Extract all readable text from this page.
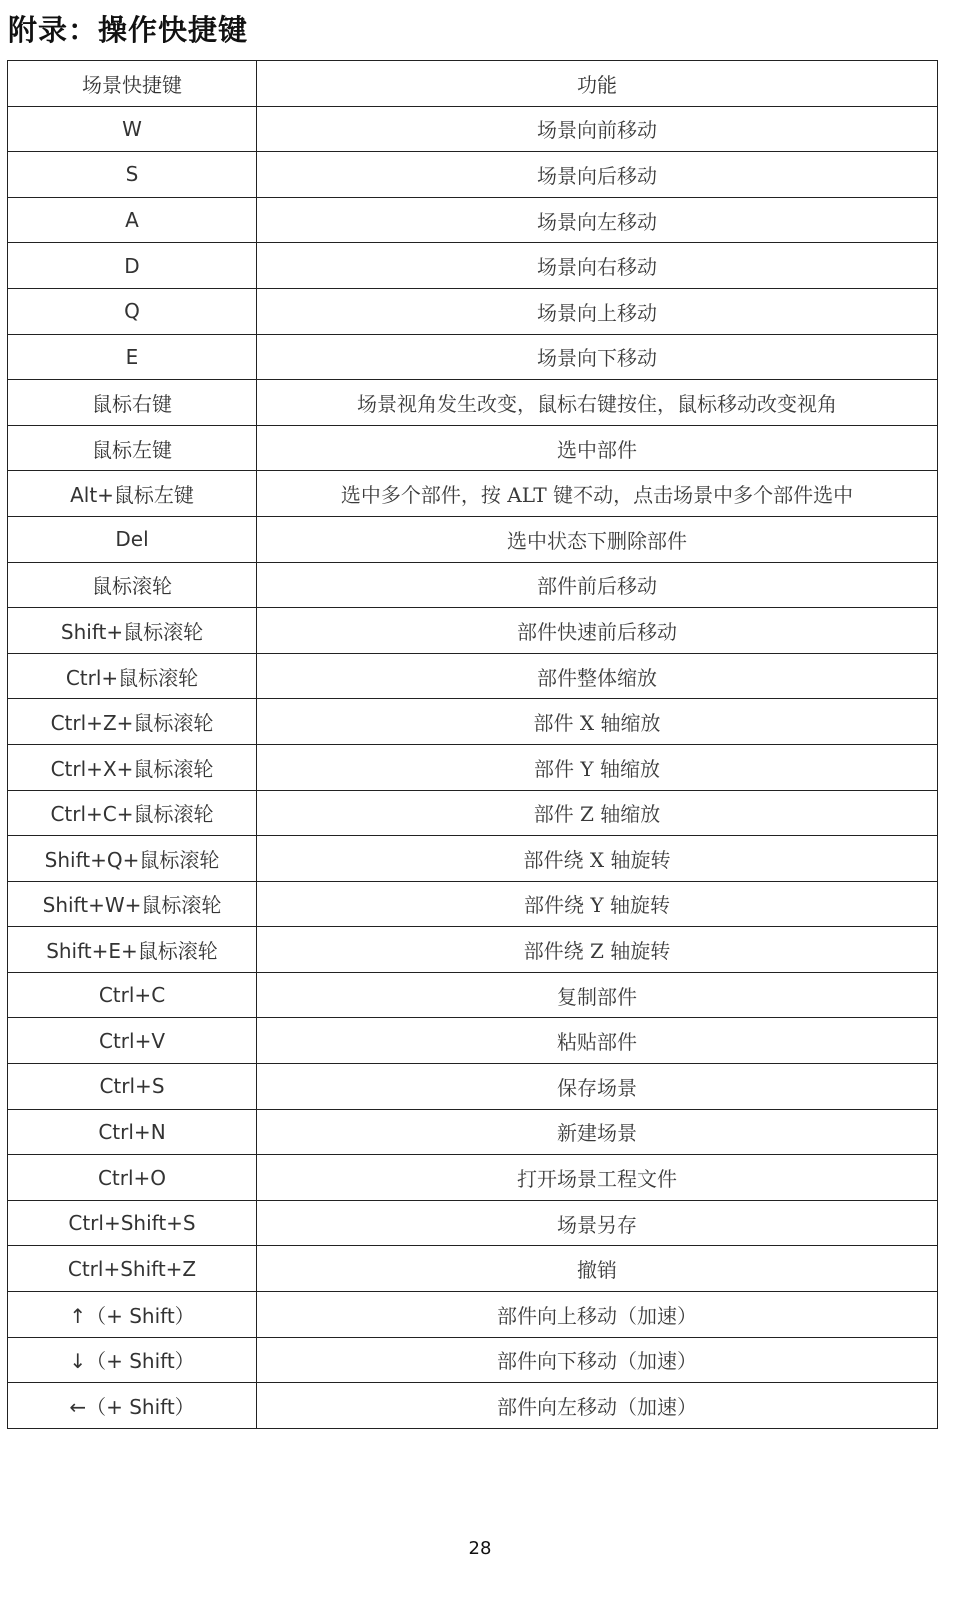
附录：操作快捷键
场景快捷键	功能
W	场景向前移动
S	场景向后移动
A	场景向左移动
D	场景向右移动
Q	场景向上移动
E	场景向下移动
鼠标右键	场景视角发生改变，鼠标右键按住，鼠标移动改变视角
鼠标左键	选中部件
Alt+鼠标左键	选中多个部件，按 ALT 键不动，点击场景中多个部件选中
Del	选中状态下删除部件
鼠标滚轮	部件前后移动
Shift+鼠标滚轮	部件快速前后移动
Ctrl+鼠标滚轮	部件整体缩放
Ctrl+Z+鼠标滚轮	部件 X 轴缩放
Ctrl+X+鼠标滚轮	部件 Y 轴缩放
Ctrl+C+鼠标滚轮	部件 Z 轴缩放
Shift+Q+鼠标滚轮	部件绕 X 轴旋转
Shift+W+鼠标滚轮	部件绕 Y 轴旋转
Shift+E+鼠标滚轮	部件绕 Z 轴旋转
Ctrl+C	复制部件
Ctrl+V	粘贴部件
Ctrl+S	保存场景
Ctrl+N	新建场景
Ctrl+O	打开场景工程文件
Ctrl+Shift+S	场景另存
Ctrl+Shift+Z	撤销
↑（+ Shift）	部件向上移动（加速）
↓（+ Shift）	部件向下移动（加速）
←（+ Shift）	部件向左移动（加速）
28
